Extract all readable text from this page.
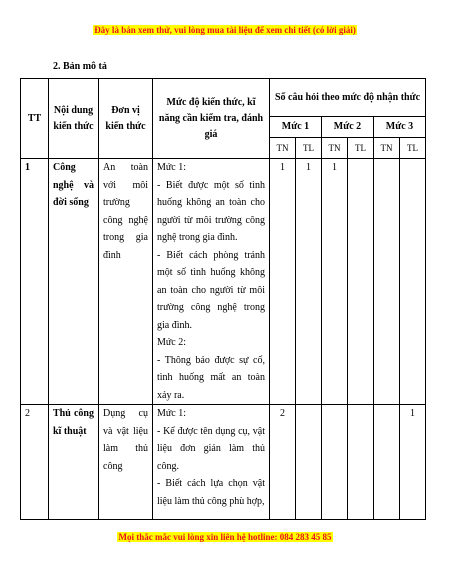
Đây là bản xem thử, vui lòng mua tài liệu để xem chi tiết (có lời giải)
2. Bản mô tả
TT	Nội dung kiến thức	Đơn vị kiến thức	Mức độ kiến thức, kĩ năng cần kiểm tra, đánh giá	Số câu hỏi theo mức độ nhận thức					
				Mức 1		Mức 2		Mức 3	
				TN	TL	TN	TL	TN	TL
1	Công nghệ và đời sống	An toàn với môi trường công nghệ trong gia đình	Mức 1:
- Biết được một số tình huống không an toàn cho người từ môi trường công nghệ trong gia đình.
- Biết cách phòng tránh một số tình huống không an toàn cho người từ môi trường công nghệ trong gia đình.
Mức 2:
- Thông báo được sự cố, tình huống mất an toàn xảy ra.	1	1	1			
2	Thủ công kĩ thuật	Dụng cụ và vật liệu làm thủ công	Mức 1:
- Kể được tên dụng cụ, vật liệu đơn giản làm thủ công.
- Biết cách lựa chọn vật liệu làm thủ công phù hợp,	2					1
Mọi thắc mắc vui lòng xin liên hệ hotline: 084 283 45 85
